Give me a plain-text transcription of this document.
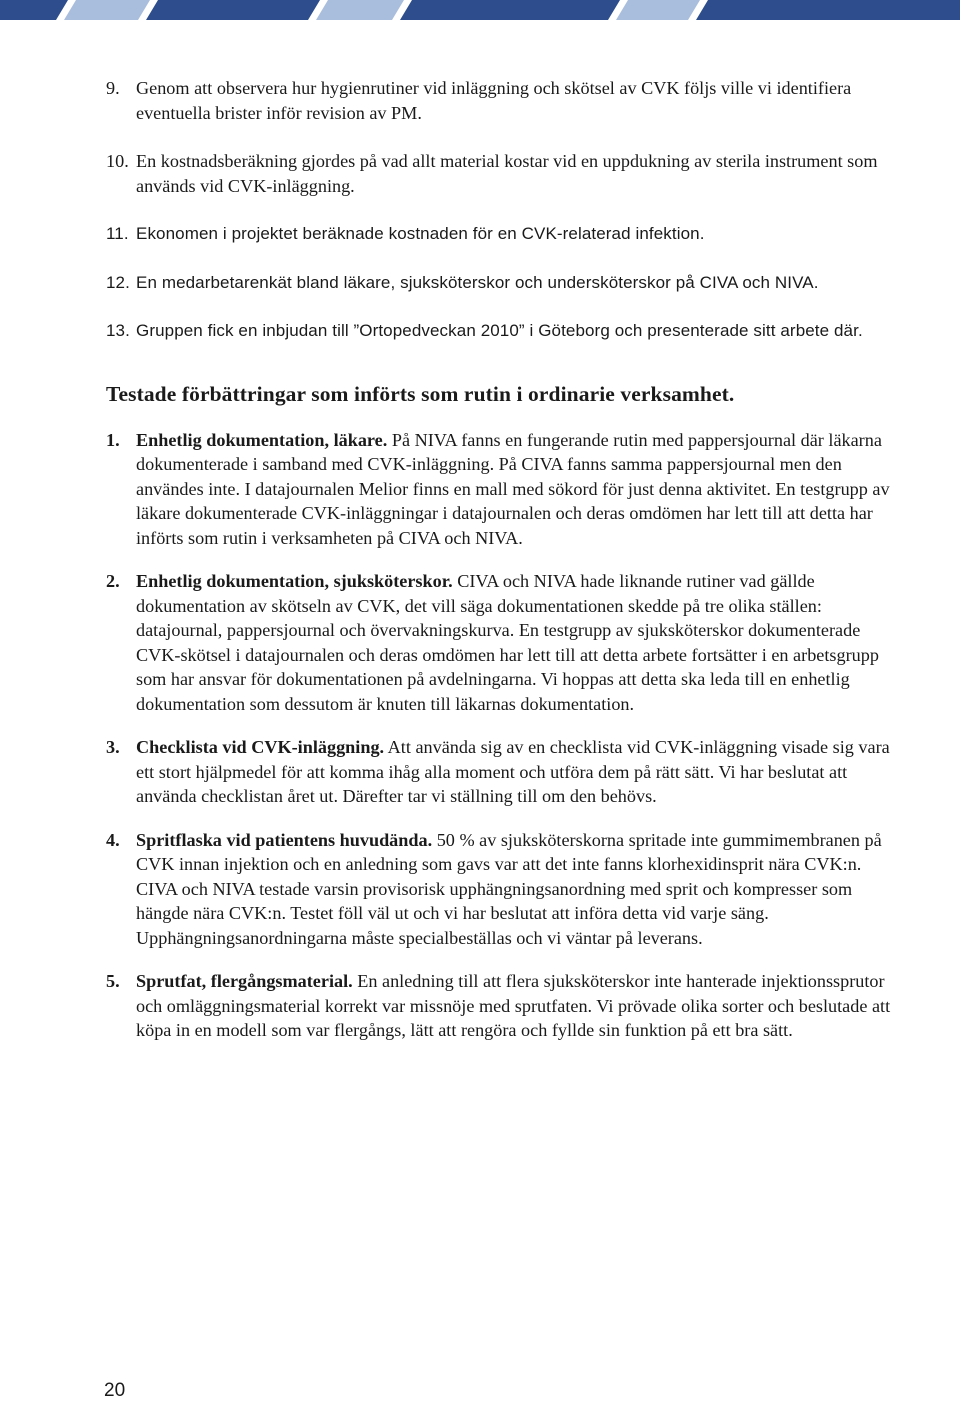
9. Genom att observera hur hygienrutiner vid inläggning och skötsel av CVK följs ville vi identifiera eventuella brister inför revision av PM.
10. En kostnadsberäkning gjordes på vad allt material kostar vid en uppdukning av sterila instrument som används vid CVK-inläggning.
11. Ekonomen i projektet beräknade kostnaden för en CVK-relaterad infektion.
12. En medarbetarenkät bland läkare, sjuksköterskor och undersköterskor på CIVA och NIVA.
13. Gruppen fick en inbjudan till ”Ortopedveckan 2010” i Göteborg och presenterade sitt arbete där.
Testade förbättringar som införts som rutin i ordinarie verksamhet.
1. Enhetlig dokumentation, läkare. På NIVA fanns en fungerande rutin med pappersjournal där läkarna dokumenterade i samband med CVK-inläggning. På CIVA fanns samma pappersjournal men den användes inte. I datajournalen Melior finns en mall med sökord för just denna aktivitet. En testgrupp av läkare dokumenterade CVK-inläggningar i datajournalen och deras omdömen har lett till att detta har införts som rutin i verksamheten på CIVA och NIVA.
2. Enhetlig dokumentation, sjuksköterskor. CIVA och NIVA hade liknande rutiner vad gällde dokumentation av skötseln av CVK, det vill säga dokumentationen skedde på tre olika ställen: datajournal, pappersjournal och övervakningskurva. En testgrupp av sjuksköterskor dokumenterade CVK-skötsel i datajournalen och deras omdömen har lett till att detta arbete fortsätter i en arbetsgrupp som har ansvar för dokumentationen på avdelningarna. Vi hoppas att detta ska leda till en enhetlig dokumentation som dessutom är knuten till läkarnas dokumentation.
3. Checklista vid CVK-inläggning. Att använda sig av en checklista vid CVK-inläggning visade sig vara ett stort hjälpmedel för att komma ihåg alla moment och utföra dem på rätt sätt. Vi har beslutat att använda checklistan året ut. Därefter tar vi ställning till om den behövs.
4. Spritflaska vid patientens huvudända. 50 % av sjuksköterskorna spritade inte gummimembranen på CVK innan injektion och en anledning som gavs var att det inte fanns klorhexidinsprit nära CVK:n. CIVA och NIVA testade varsin provisorisk upphängningsanordning med sprit och kompresser som hängde nära CVK:n. Testet föll väl ut och vi har beslutat att införa detta vid varje säng. Upphängningsanordningarna måste specialbeställas och vi väntar på leverans.
5. Sprutfat, flergångsmaterial. En anledning till att flera sjuksköterskor inte hanterade injektionssprutor och omläggningsmaterial korrekt var missnöje med sprutfaten. Vi prövade olika sorter och beslutade att köpa in en modell som var flergångs, lätt att rengöra och fyllde sin funktion på ett bra sätt.
20
